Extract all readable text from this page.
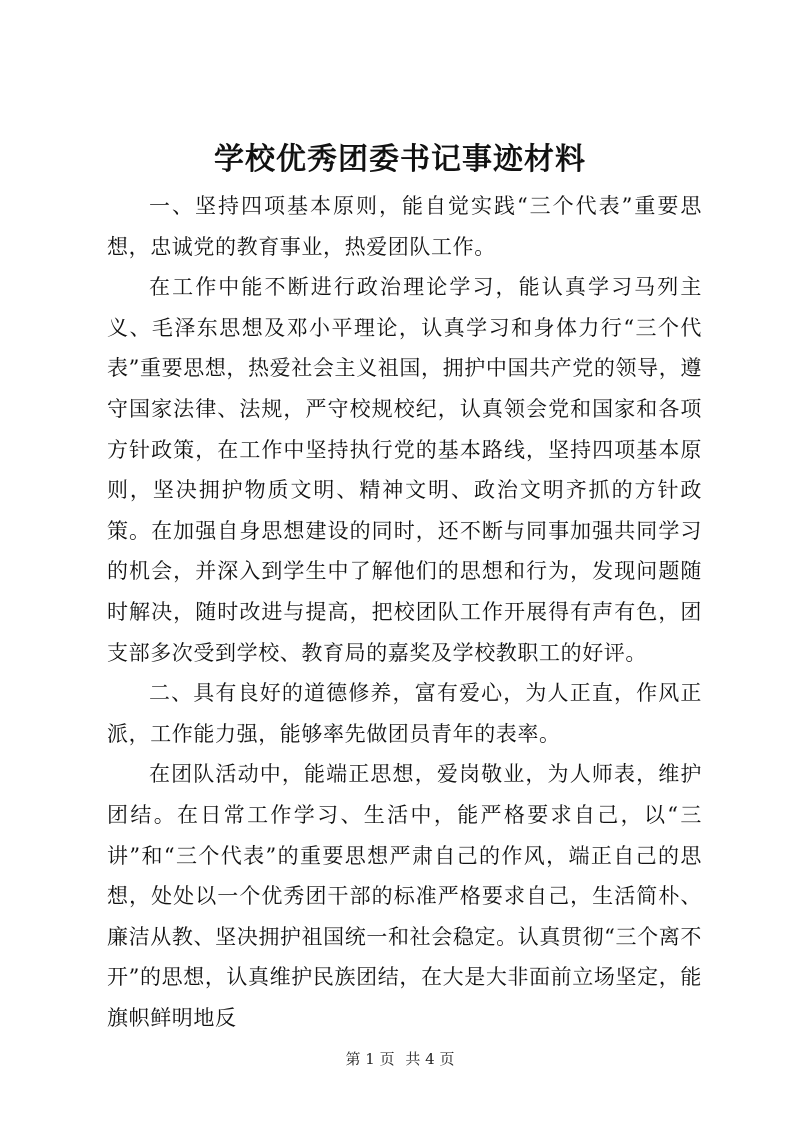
学校优秀团委书记事迹材料

一、坚持四项基本原则，能自觉实践“三个代表”重要思想，忠诚党的教育事业，热爱团队工作。

在工作中能不断进行政治理论学习，能认真学习马列主义、毛泽东思想及邓小平理论，认真学习和身体力行“三个代表”重要思想，热爱社会主义祖国，拥护中国共产党的领导，遵守国家法律、法规，严守校规校纪，认真领会党和国家和各项方针政策，在工作中坚持执行党的基本路线，坚持四项基本原则，坚决拥护物质文明、精神文明、政治文明齐抓的方针政策。在加强自身思想建设的同时，还不断与同事加强共同学习的机会，并深入到学生中了解他们的思想和行为，发现问题随时解决，随时改进与提高，把校团队工作开展得有声有色，团支部多次受到学校、教育局的嘉奖及学校教职工的好评。

二、具有良好的道德修养，富有爱心，为人正直，作风正派，工作能力强，能够率先做团员青年的表率。

在团队活动中，能端正思想，爱岗敬业，为人师表，维护团结。在日常工作学习、生活中，能严格要求自己，以“三讲”和“三个代表”的重要思想严肃自己的作风，端正自己的思想，处处以一个优秀团干部的标准严格要求自己，生活简朴、廉洁从教、坚决拥护祖国统一和社会稳定。认真贯彻“三个离不开”的思想，认真维护民族团结，在大是大非面前立场坚定，能旗帜鲜明地反

第 1 页 共 4 页
